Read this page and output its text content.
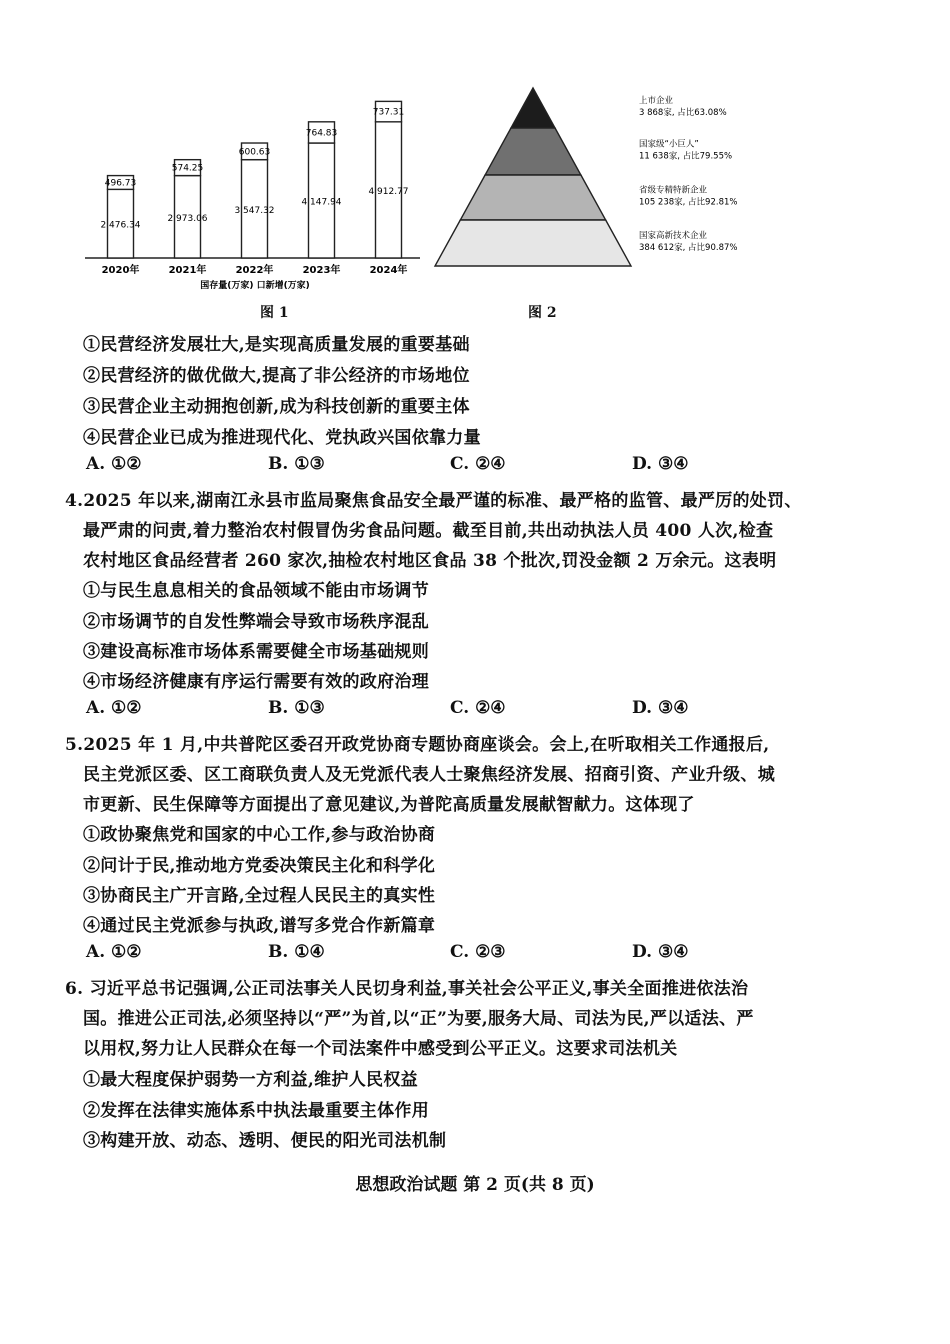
2 476.34
496.73
2 973.06
574.25
3 547.32
600.63
4 147.94
764.83
4 912.77
737.31
2020年	2021年	2022年	2023年	2024年
国存量(万家) 口新增(万家)
图 1
上市企业
3 868家, 占比63.08%
国家级“小巨人”
11 638家, 占比79.55%
省级专精特新企业
105 238家, 占比92.81%
国家高新技术企业
384 612家, 占比90.87%
图 2
①民营经济发展壮大,是实现高质量发展的重要基础
②民营经济的做优做大,提高了非公经济的市场地位
③民营企业主动拥抱创新,成为科技创新的重要主体
④民营企业已成为推进现代化、党执政兴国依靠力量
A. ①②	B. ①③	C. ②④	D. ③④
4.2025 年以来,湖南江永县市监局聚焦食品安全最严谨的标准、最严格的监管、最严厉的处罚、
最严肃的问责,着力整治农村假冒伪劣食品问题。截至目前,共出动执法人员 400 人次,检查
农村地区食品经营者 260 家次,抽检农村地区食品 38 个批次,罚没金额 2 万余元。这表明
①与民生息息相关的食品领域不能由市场调节
②市场调节的自发性弊端会导致市场秩序混乱
③建设高标准市场体系需要健全市场基础规则
④市场经济健康有序运行需要有效的政府治理
A. ①②	B. ①③	C. ②④	D. ③④
5.2025 年 1 月,中共普陀区委召开政党协商专题协商座谈会。会上,在听取相关工作通报后,
民主党派区委、区工商联负责人及无党派代表人士聚焦经济发展、招商引资、产业升级、城
市更新、民生保障等方面提出了意见建议,为普陀高质量发展献智献力。这体现了
①政协聚焦党和国家的中心工作,参与政治协商
②问计于民,推动地方党委决策民主化和科学化
③协商民主广开言路,全过程人民民主的真实性
④通过民主党派参与执政,谱写多党合作新篇章
A. ①②	B. ①④	C. ②③	D. ③④
6. 习近平总书记强调,公正司法事关人民切身利益,事关社会公平正义,事关全面推进依法治
国。推进公正司法,必须坚持以“严”为首,以“正”为要,服务大局、司法为民,严以适法、严
以用权,努力让人民群众在每一个司法案件中感受到公平正义。这要求司法机关
①最大程度保护弱势一方利益,维护人民权益
②发挥在法律实施体系中执法最重要主体作用
③构建开放、动态、透明、便民的阳光司法机制
思想政治试题 第 2 页(共 8 页)
